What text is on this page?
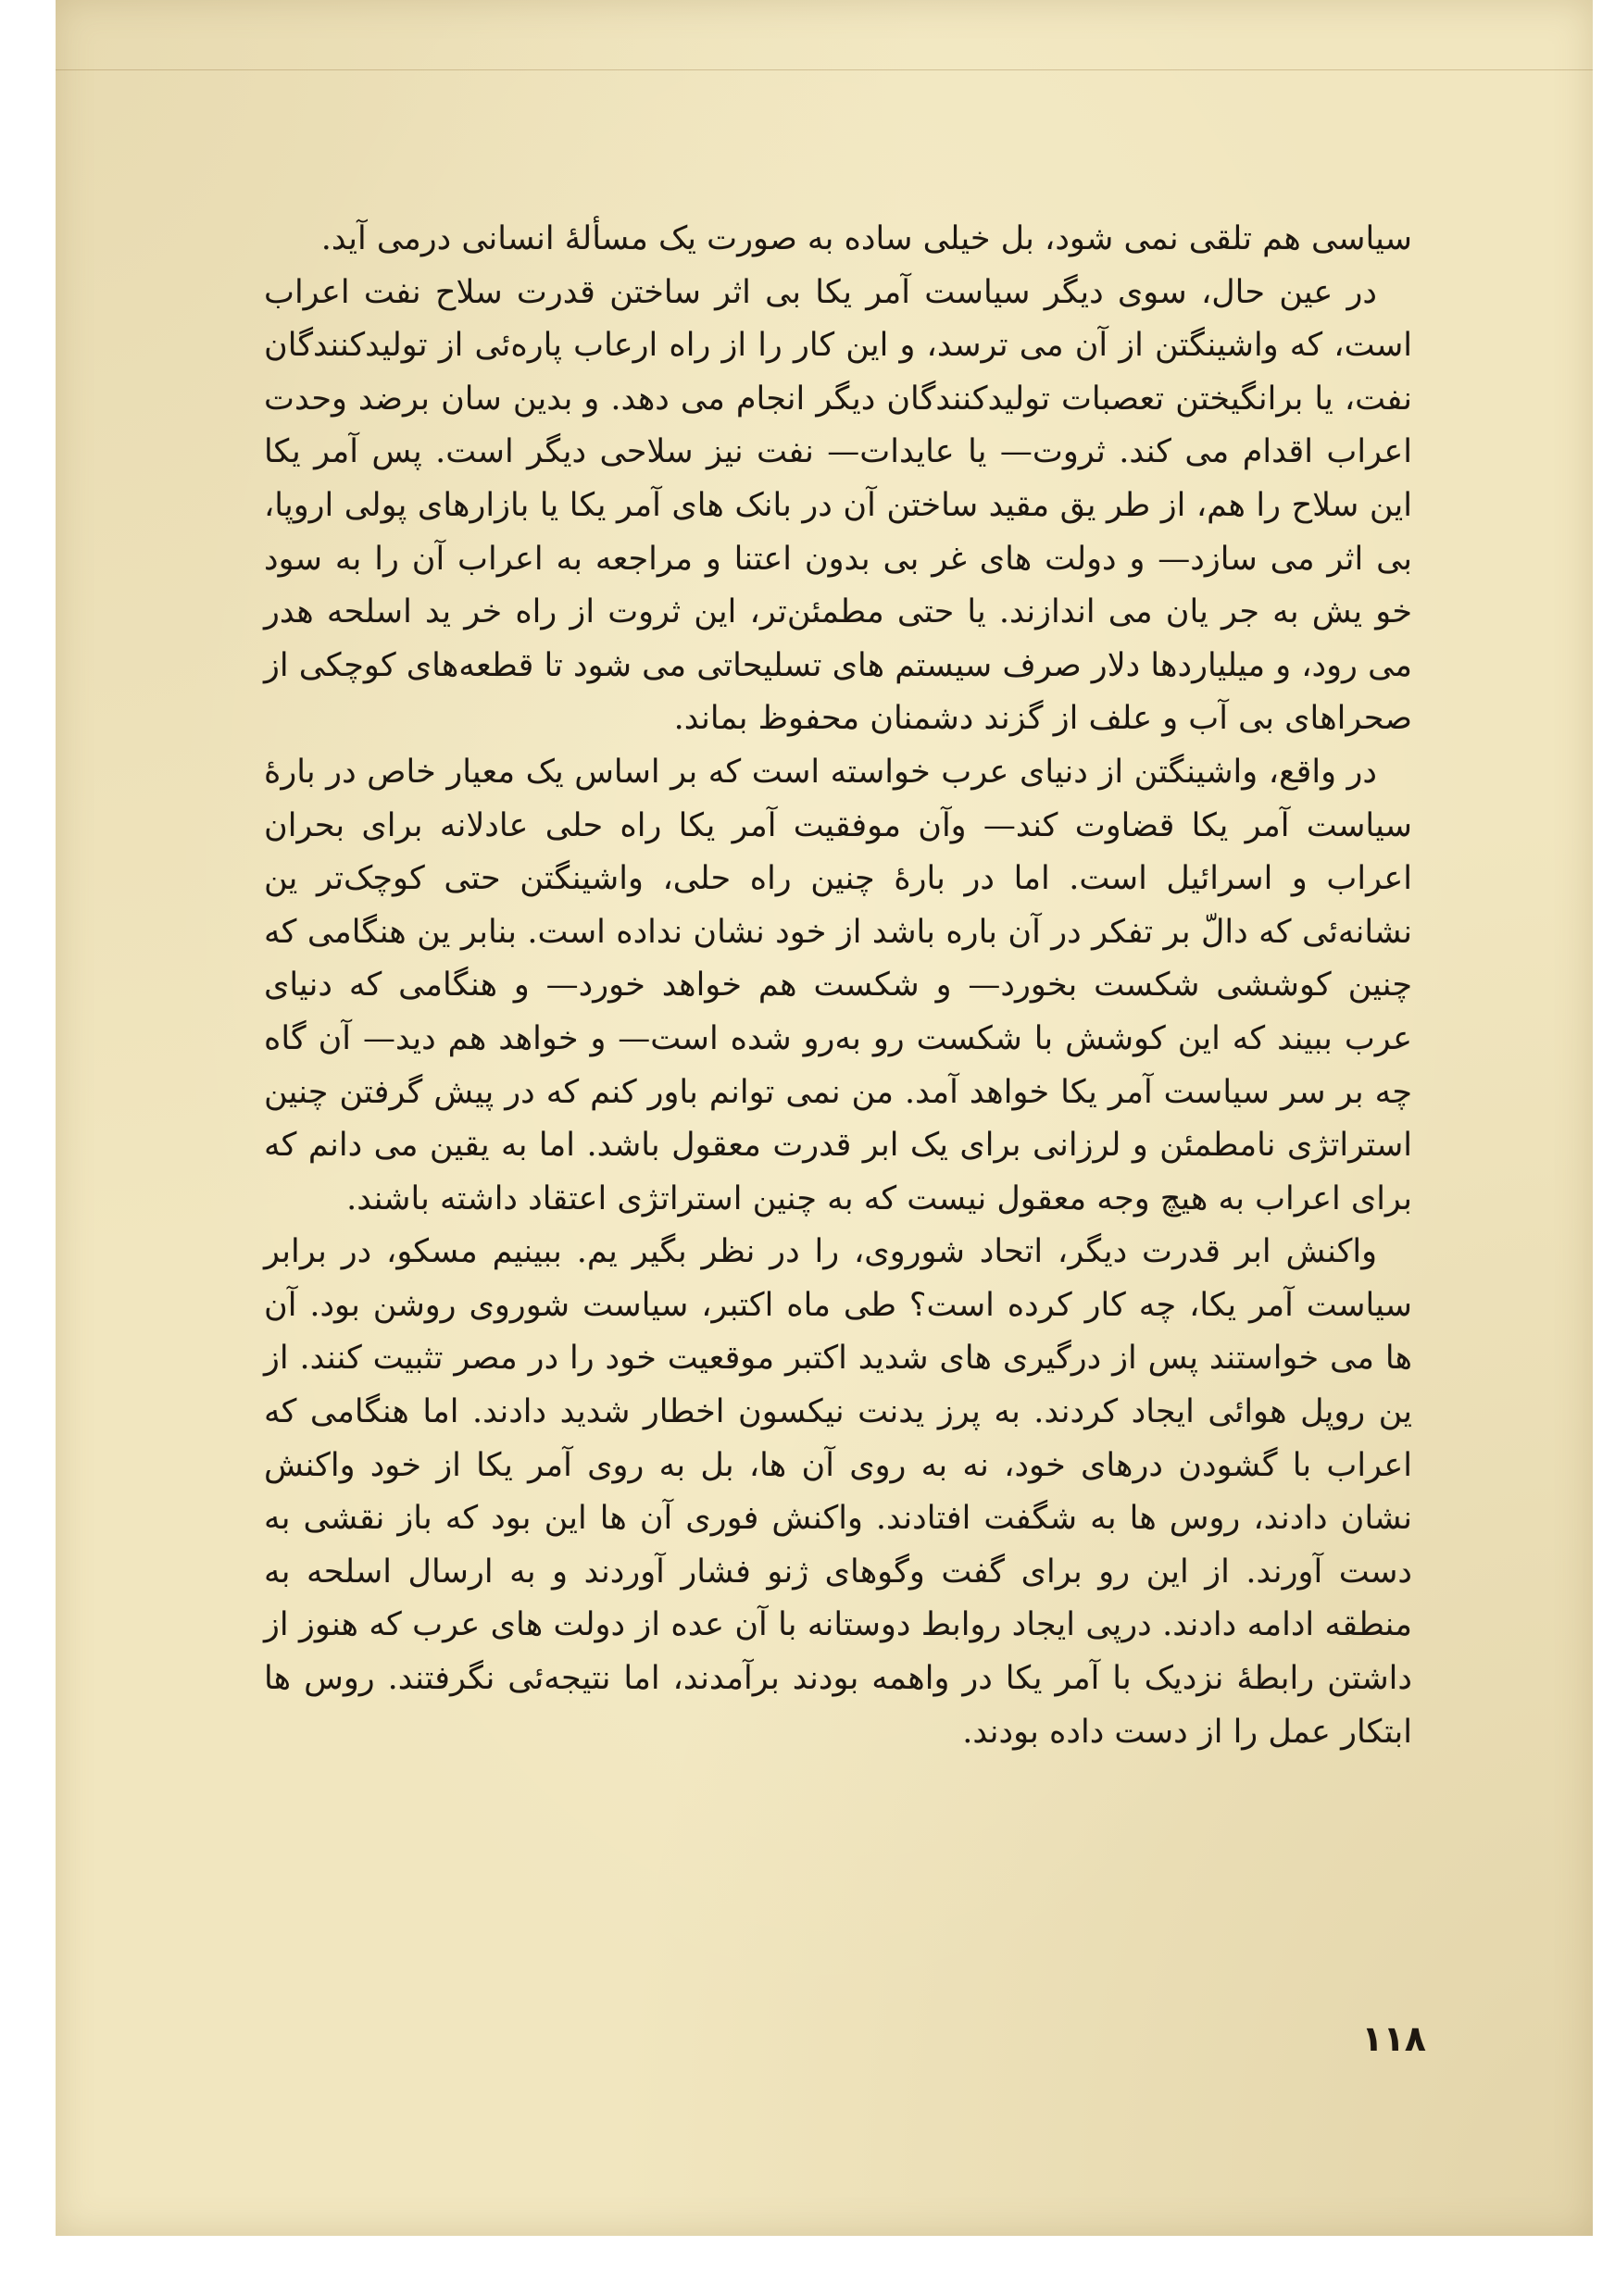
سیاسی هم تلقی نمی شود، بل خیلی ساده به صورت یک مسألهٔ انسانی درمی آید.

در عین حال، سوی دیگر سیاست آمر یکا بی اثر ساختن قدرت سلاح نفت اعراب است، که واشینگتن از آن می ترسد، و این کار را از راه ارعاب پاره‌ئی از تولیدکنندگان نفت، یا برانگیختن تعصبات تولیدکنندگان دیگر انجام می دهد. و بدین سان برضد وحدت اعراب اقدام می کند. ثروت— یا عایدات— نفت نیز سلاحی دیگر است. پس آمر یکا این سلاح را هم، از طر یق مقید ساختن آن در بانک های آمر یکا یا بازارهای پولی اروپا، بی اثر می سازد— و دولت های غر بی بدون اعتنا و مراجعه به اعراب آن را به سود خو یش به جر یان می اندازند. یا حتی مطمئن‌تر، این ثروت از راه خر ید اسلحه هدر می رود، و میلیاردها دلار صرف سیستم های تسلیحاتی می شود تا قطعه‌های کوچکی از صحراهای بی آب و علف از گزند دشمنان محفوظ بماند.

در واقع، واشینگتن از دنیای عرب خواسته است که بر اساس یک معیار خاص در بارهٔ سیاست آمر یکا قضاوت کند— وآن موفقیت آمر یکا راه حلی عادلانه برای بحران اعراب و اسرائیل است. اما در بارهٔ چنین راه حلی، واشینگتن حتی کوچک‌تر ین نشانه‌ئی که دالّ بر تفکر در آن باره باشد از خود نشان نداده است. بنابر ین هنگامی که چنین کوششی شکست بخورد— و شکست هم خواهد خورد— و هنگامی که دنیای عرب ببیند که این کوشش با شکست رو به‌رو شده است— و خواهد هم دید— آن گاه چه بر سر سیاست آمر یکا خواهد آمد. من نمی توانم باور کنم که در پیش گرفتن چنین استراتژی نامطمئن و لرزانی برای یک ابر قدرت معقول باشد. اما به یقین می دانم که برای اعراب به هیچ وجه معقول نیست که به چنین استراتژی اعتقاد داشته باشند.

واکنش ابر قدرت دیگر، اتحاد شوروی، را در نظر بگیر یم. ببینیم مسکو، در برابر سیاست آمر یکا، چه کار کرده است؟ طی ماه اکتبر، سیاست شوروی روشن بود. آن ها می خواستند پس از درگیری های شدید اکتبر موقعیت خود را در مصر تثبیت کنند. از ین روپل هوائی ایجاد کردند. به پرز یدنت نیکسون اخطار شدید دادند. اما هنگامی که اعراب با گشودن درهای خود، نه به روی آن ها، بل به روی آمر یکا از خود واکنش نشان دادند، روس ها به شگفت افتادند. واکنش فوری آن ها این بود که باز نقشی به دست آورند. از این رو برای گفت وگوهای ژنو فشار آوردند و به ارسال اسلحه به منطقه ادامه دادند. درپی ایجاد روابط دوستانه با آن عده از دولت های عرب که هنوز از داشتن رابطهٔ نزدیک با آمر یکا در واهمه بودند برآمدند، اما نتیجه‌ئی نگرفتند. روس ها ابتکار عمل را از دست داده بودند.

۱۱۸
